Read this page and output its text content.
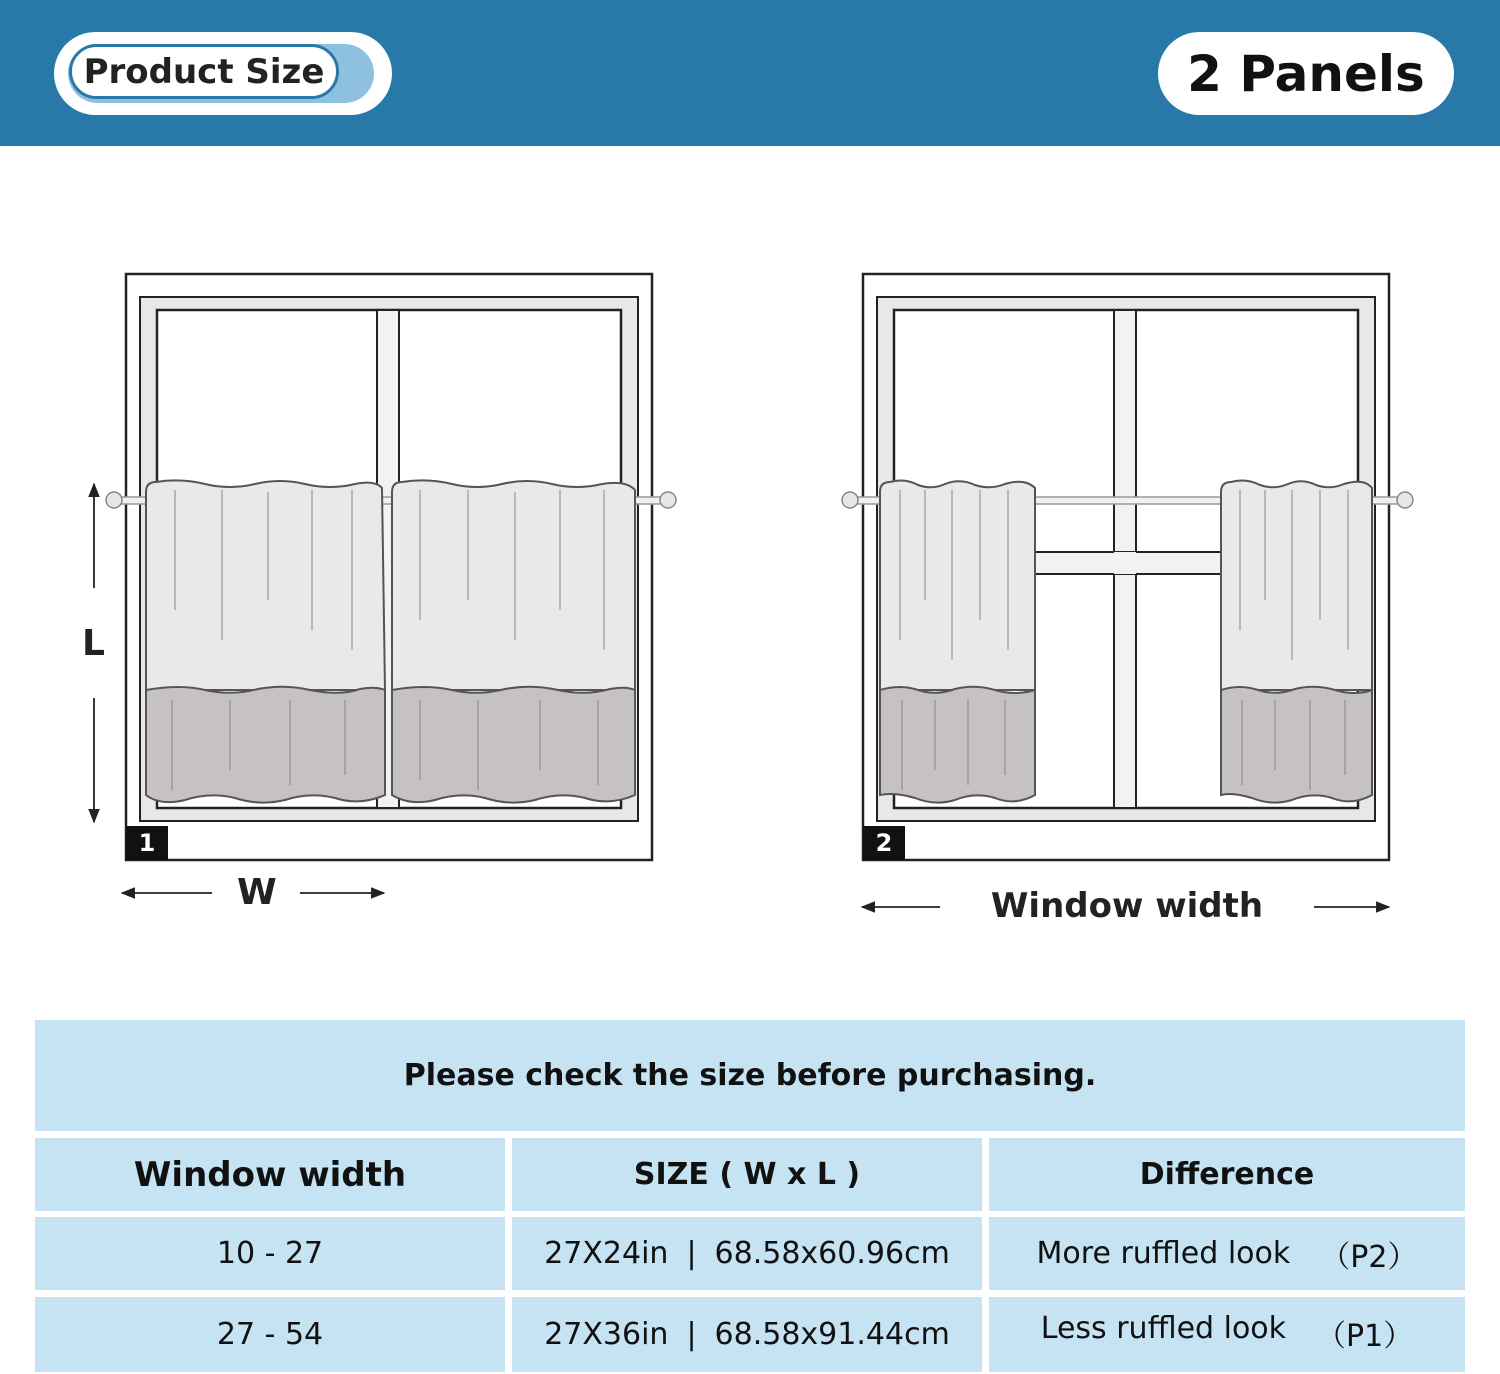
Product Size	2 Panels
1	2
L
W	Window width
Please check the size before purchasing.
Window width	SIZE ( W x L )	Difference
10 - 27	27X24in | 68.58x60.96cm	More ruffled look （P2）
27 - 54	27X36in | 68.58x91.44cm	Less ruffled look （P1）
